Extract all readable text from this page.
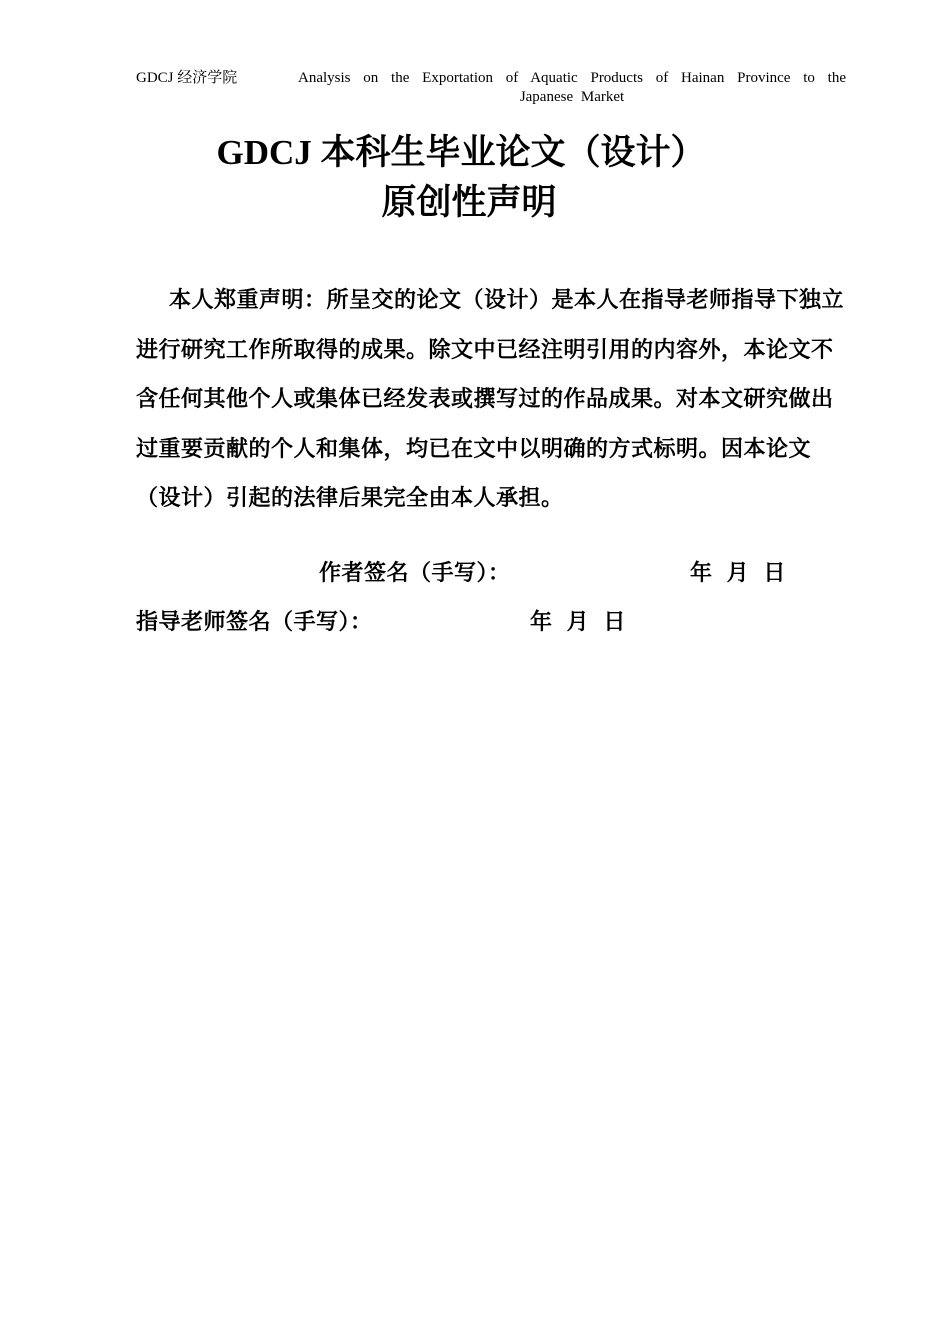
GDCJ 经济学院	Analysis on the Exportation of Aquatic Products of Hainan Province to the Japanese Market
GDCJ 本科生毕业论文（设计）
原创性声明
本人郑重声明：所呈交的论文（设计）是本人在指导老师指导下独立进行研究工作所取得的成果。除文中已经注明引用的内容外，本论文不含任何其他个人或集体已经发表或撰写过的作品成果。对本文研究做出过重要贡献的个人和集体，均已在文中以明确的方式标明。因本论文（设计）引起的法律后果完全由本人承担。
作者签名（手写）：	年 月 日
指导老师签名（手写）：	年 月 日
